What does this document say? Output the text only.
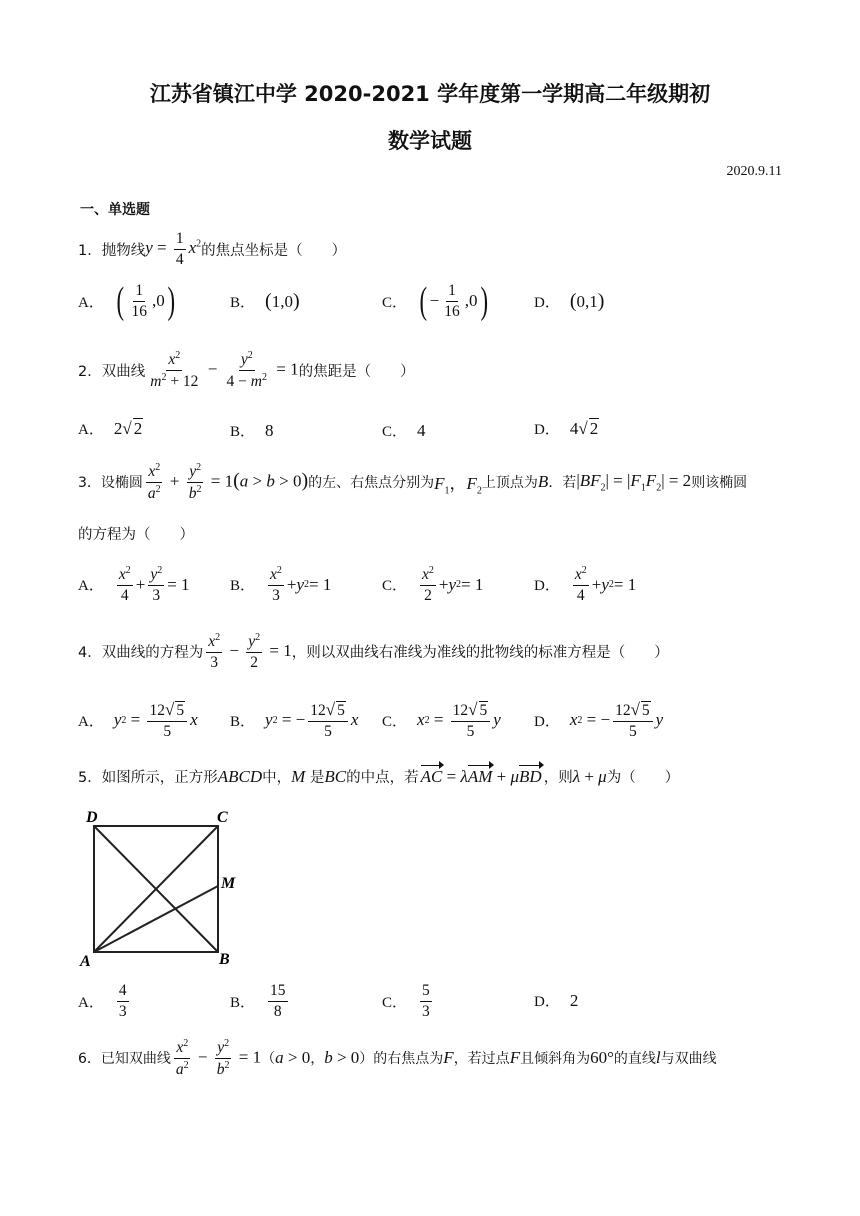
江苏省镇江中学 2020-2021 学年度第一学期高二年级期初
数学试题
2020.9.11
一、单选题
1． 抛物线 $y = \frac{1}{4} x^2$ 的焦点坐标是（　　）
A． ( $\frac{1}{16} ,0$ )	B． ( 1,0 )	C． ( − $\frac{1}{16} ,0$ )	D． ( 0,1 )
2． 双曲线 $\frac{x^2}{m^2 + 12} - \frac{y^2}{4 - m^2} = 1$ 的焦距是（　　）
A． 2 √ 2	B． 8	C． 4	D． 4 √ 2
3． 设椭圆 $\frac{x^2}{a^2} + \frac{y^2}{b^2} = 1(a > b > 0)$ 的左、右焦点分别为 $F_1$，$F_2$ 上顶点为 B ．若 $|BF_2| = |F_1F_2| = 2$ 则该椭圆
的方程为（　　）
A． $\frac{x^2}{4} + \frac{y^2}{3} = 1$	B． $\frac{x^2}{3} + y$ 2 = 1	C． $\frac{x^2}{2} + y$ 2 = 1	D． $\frac{x^2}{4} + y$ 2 = 1
4． 双曲线的方程为 $\frac{x^2}{3} - \frac{y^2}{2} = 1$ ，则以双曲线右准线为准线的批物线的标准方程是（　　）
A． y $2 = \frac{12√ 5}{5}$ x B． y 2 = − $\frac{12√ 5}{5}$ x C． x $2 = \frac{12√ 5}{5}$ y D． x 2 = − $\frac{12√ 5}{5}$ y
5． 如图所示，正方形 ABCD 中， M
是 BC 的中点，若 AC = λAM + μBD ，则 λ + μ 为（　　）
D	C
M
A	B
A． $\frac{4}{3}$	B． $\frac{15}{8}$	C． $\frac{5}{3}$	D． 2
6． 已知双曲线 $\frac{x^2}{a^2} - \frac{y^2}{b^2} = 1$ （ a > 0 ， b > 0 ）的右焦点为 F ，若过点 F 且倾斜角为 60° 的直线 l 与双曲线
